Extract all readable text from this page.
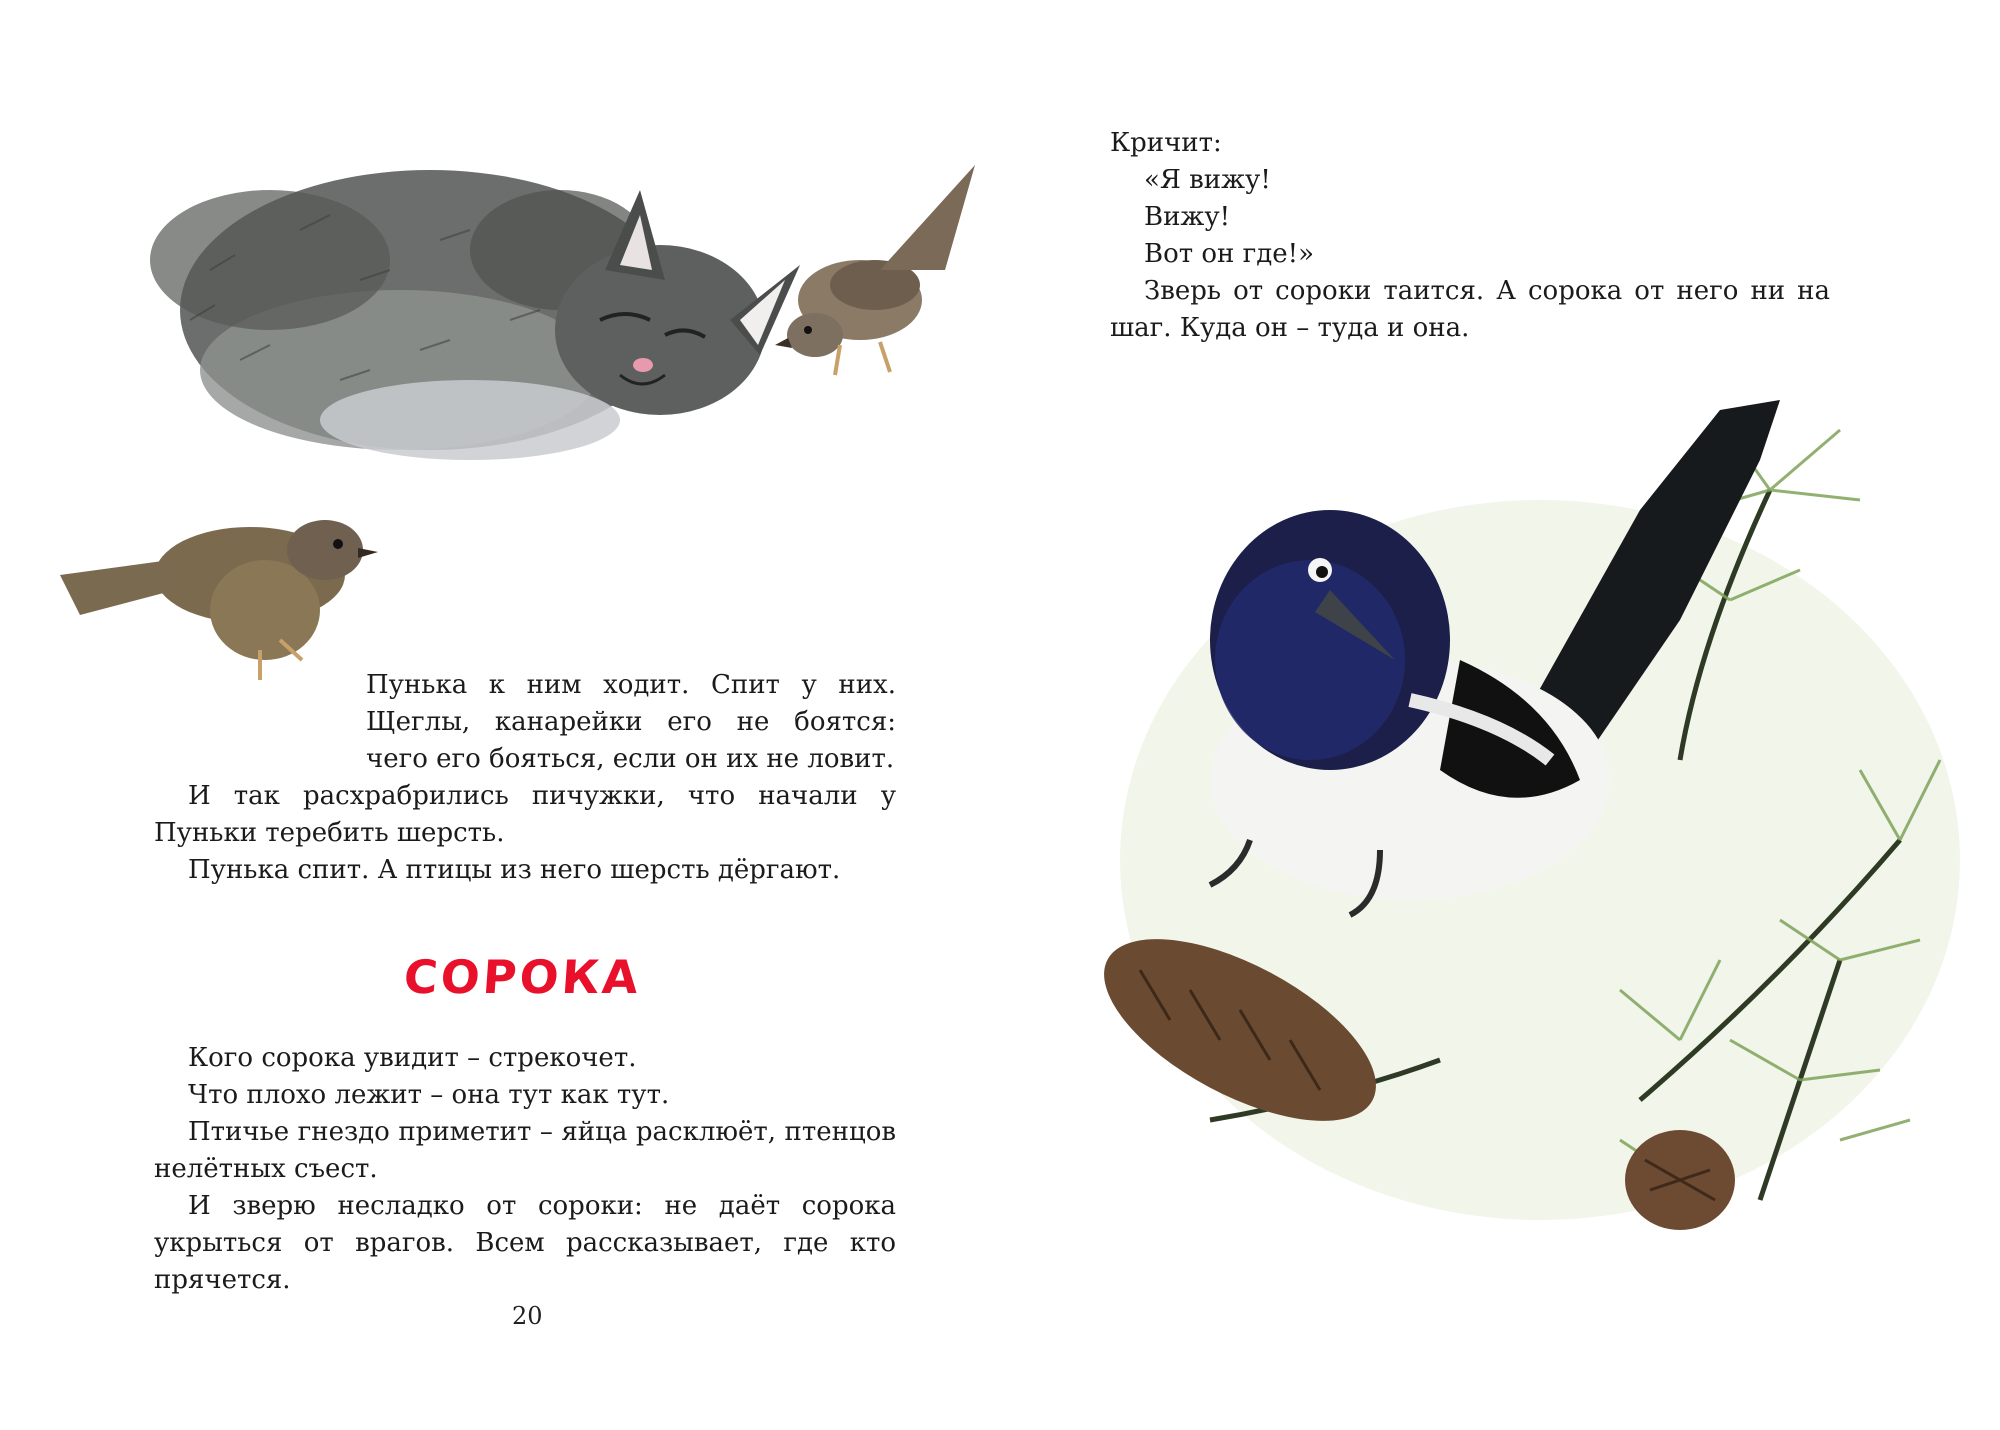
Пунька к ним ходит. Спит у них. Щеглы, канарейки его не боятся: чего его бояться, если он их не ловит.

И так расхрабрились пичужки, что начали у Пуньки теребить шерсть.

Пунька спит. А птицы из него шерсть дёргают.

СОРОКА

Кого сорока увидит – стрекочет.

Что плохо лежит – она тут как тут.

Птичье гнездо приметит – яйца расклюёт, птенцов нелётных съест.

И зверю несладко от сороки: не даёт сорока укрыться от врагов. Всем рассказывает, где кто прячется.

20

Кричит:

«Я вижу!

Вижу!

Вот он где!»

Зверь от сороки таится. А сорока от него ни на шаг. Куда он – туда и она.
